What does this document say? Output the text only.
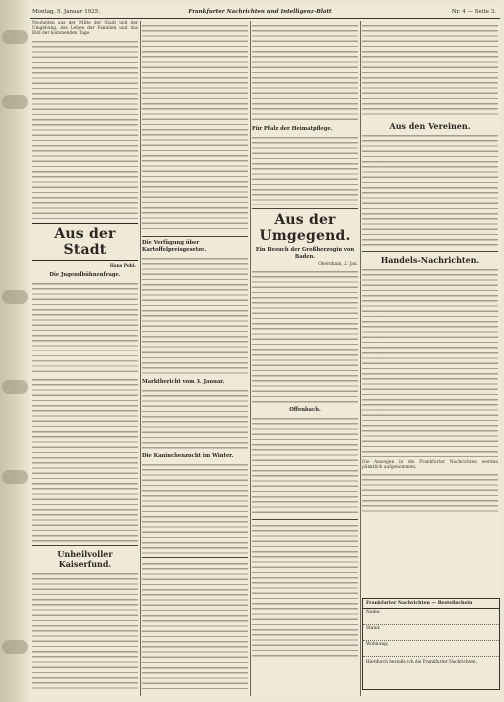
Montag, 5. Januar 1925.	Frankfurter Nachrichten und Intelligenz-Blatt	Nr. 4 — Seite 3.
Neuheiten aus der Mitte der Stadt und der Umgebung, das Leben der Familien und das Bild der kommenden Tage.
Aus der Stadt
Hans Pohl.
Die Jugendbühnenfrage.
Unheilvoller Kaiserfund.
Die Verfügung über Kartoffelpreisgesetze.
Marktbericht vom 3. Januar.
Die Kaninchenzucht im Winter.
Für Pfalz der Heimatpflege.
Aus der Umgegend.
Ein Besuch der Großherzogin von Baden.
Obernhain, 2. Jan.
Offenbach.
Aus den Vereinen.
Handels-Nachrichten.
Die Anzeigen in die Frankfurter Nachrichten werden pünktlich aufgenommen.
Frankfurter Nachrichten — Bestellschein
Name:
Stand:
Wohnung:
Hierdurch bestelle ich die Frankfurter Nachrichten.
